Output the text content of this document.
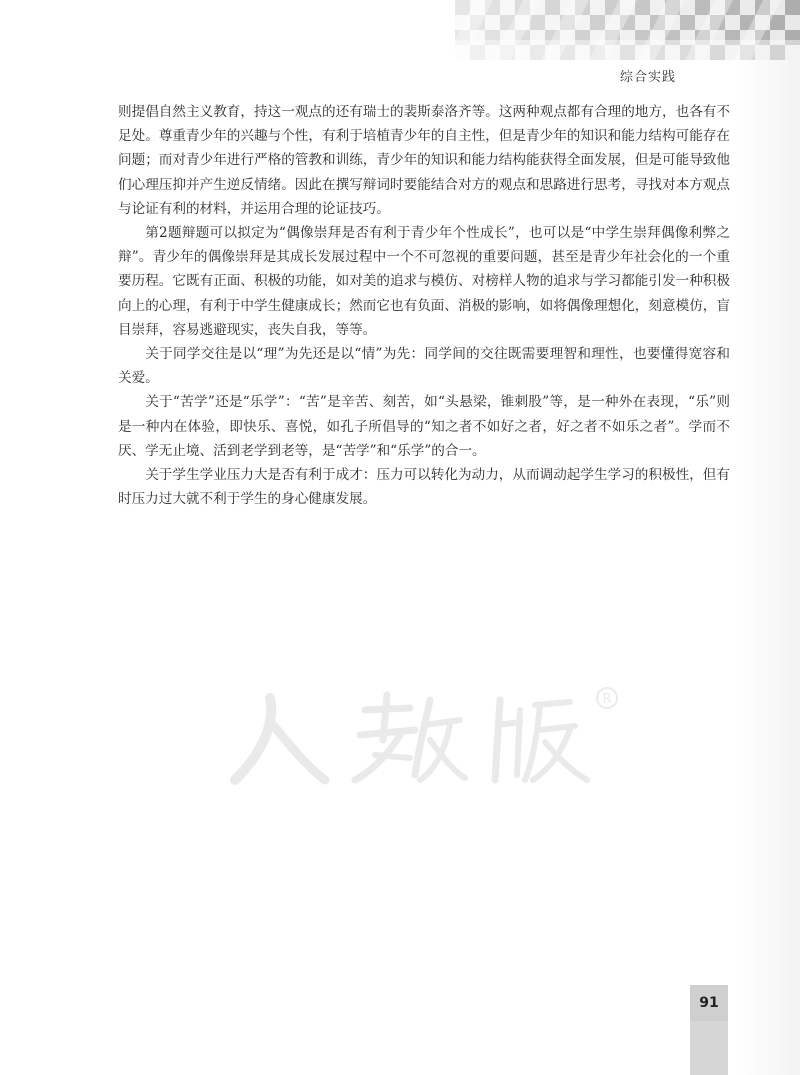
综合实践

则提倡自然主义教育，持这一观点的还有瑞士的裴斯泰洛齐等。这两种观点都有合理的地方，也各有不足处。尊重青少年的兴趣与个性，有利于培植青少年的自主性，但是青少年的知识和能力结构可能存在问题；而对青少年进行严格的管教和训练，青少年的知识和能力结构能获得全面发展，但是可能导致他们心理压抑并产生逆反情绪。因此在撰写辩词时要能结合对方的观点和思路进行思考，寻找对本方观点与论证有利的材料，并运用合理的论证技巧。

第2题辩题可以拟定为“偶像崇拜是否有利于青少年个性成长”，也可以是“中学生崇拜偶像利弊之辩”。青少年的偶像崇拜是其成长发展过程中一个不可忽视的重要问题，甚至是青少年社会化的一个重要历程。它既有正面、积极的功能，如对美的追求与模仿、对榜样人物的追求与学习都能引发一种积极向上的心理，有利于中学生健康成长；然而它也有负面、消极的影响，如将偶像理想化，刻意模仿，盲目崇拜，容易逃避现实，丧失自我，等等。

关于同学交往是以“理”为先还是以“情”为先：同学间的交往既需要理智和理性，也要懂得宽容和关爱。

关于“苦学”还是“乐学”：“苦”是辛苦、刻苦，如“头悬梁，锥刺股”等，是一种外在表现，“乐”则是一种内在体验，即快乐、喜悦，如孔子所倡导的“知之者不如好之者，好之者不如乐之者”。学而不厌、学无止境、活到老学到老等，是“苦学”和“乐学”的合一。

关于学生学业压力大是否有利于成才：压力可以转化为动力，从而调动起学生学习的积极性，但有时压力过大就不利于学生的身心健康发展。

R
91
